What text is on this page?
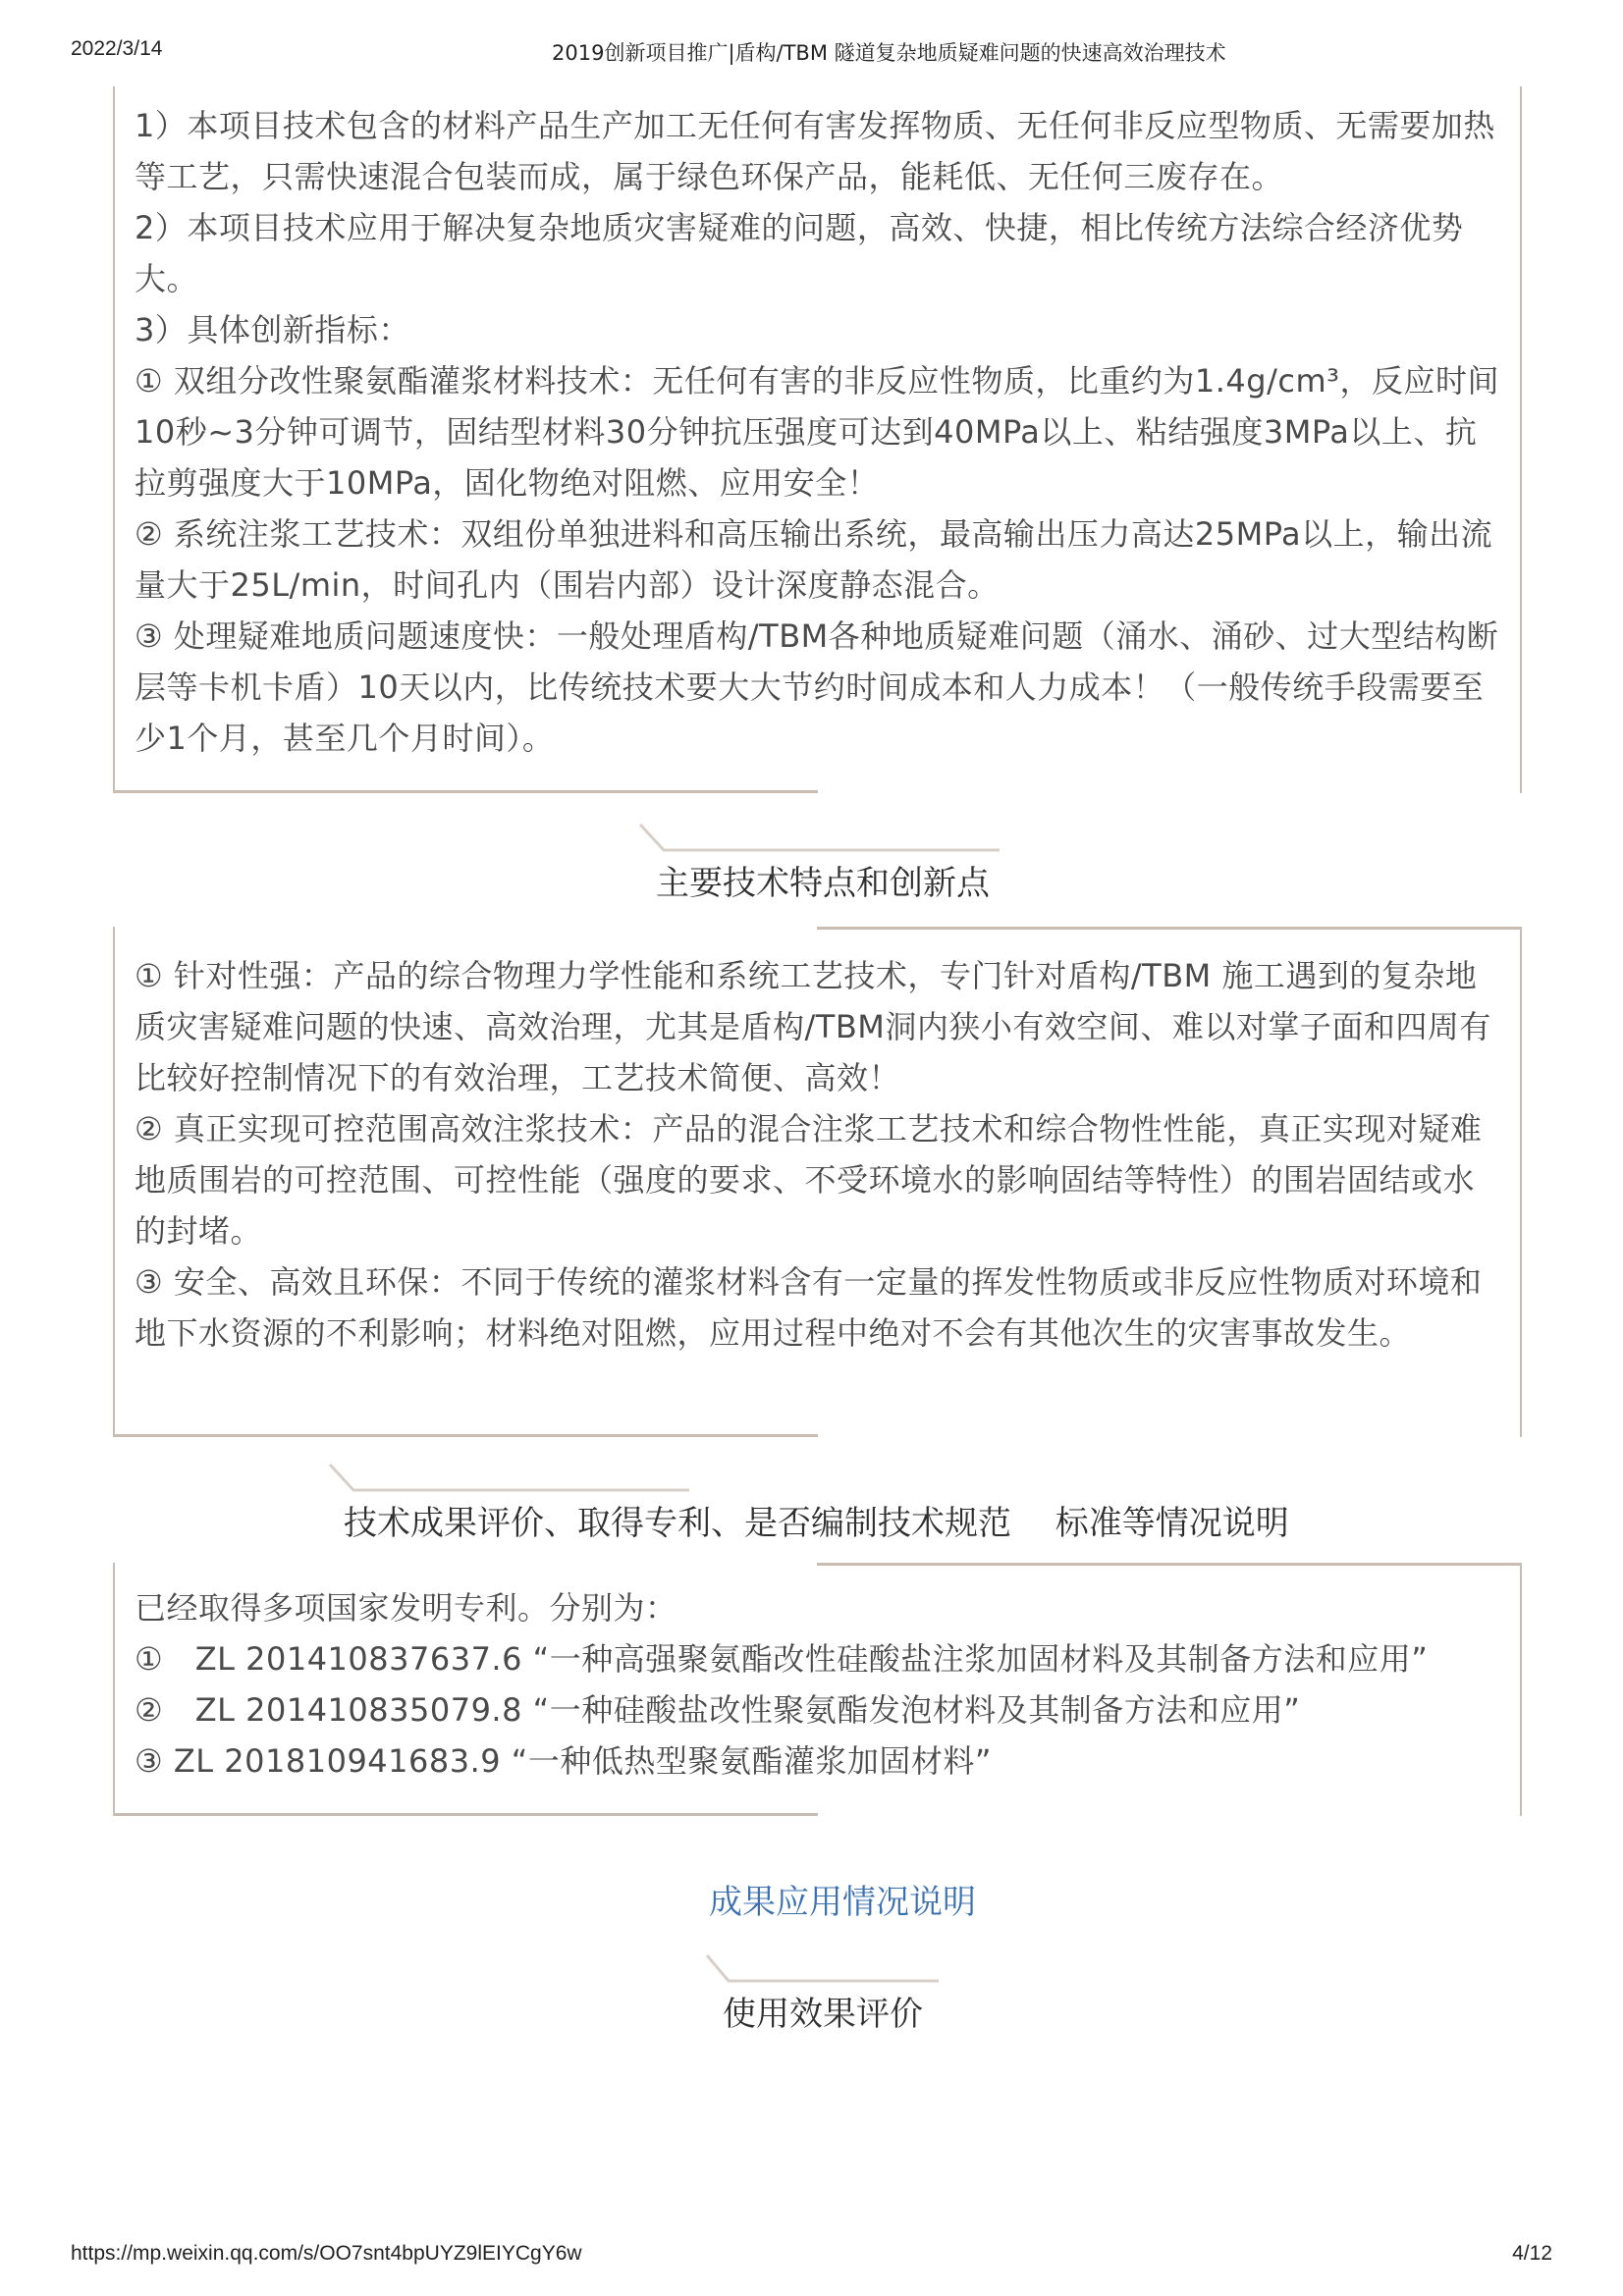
2022/3/14	2019创新项目推广|盾构/TBM 隧道复杂地质疑难问题的快速高效治理技术

1）本项目技术包含的材料产品生产加工无任何有害发挥物质、无任何非反应型物质、无需要加热等工艺，只需快速混合包装而成，属于绿色环保产品，能耗低、无任何三废存在。

2）本项目技术应用于解决复杂地质灾害疑难的问题，高效、快捷，相比传统方法综合经济优势大。

3）具体创新指标：

① 双组分改性聚氨酯灌浆材料技术：无任何有害的非反应性物质，比重约为1.4g/cm³，反应时间10秒~3分钟可调节，固结型材料30分钟抗压强度可达到40MPa以上、粘结强度3MPa以上、抗拉剪强度大于10MPa，固化物绝对阻燃、应用安全！

② 系统注浆工艺技术：双组份单独进料和高压输出系统，最高输出压力高达25MPa以上，输出流量大于25L/min，时间孔内（围岩内部）设计深度静态混合。

③ 处理疑难地质问题速度快：一般处理盾构/TBM各种地质疑难问题（涌水、涌砂、过大型结构断层等卡机卡盾）10天以内，比传统技术要大大节约时间成本和人力成本！（一般传统手段需要至少1个月，甚至几个月时间）。

主要技术特点和创新点

① 针对性强：产品的综合物理力学性能和系统工艺技术，专门针对盾构/TBM 施工遇到的复杂地质灾害疑难问题的快速、高效治理，尤其是盾构/TBM洞内狭小有效空间、难以对掌子面和四周有比较好控制情况下的有效治理，工艺技术简便、高效！

② 真正实现可控范围高效注浆技术：产品的混合注浆工艺技术和综合物性性能，真正实现对疑难地质围岩的可控范围、可控性能（强度的要求、不受环境水的影响固结等特性）的围岩固结或水的封堵。

③ 安全、高效且环保：不同于传统的灌浆材料含有一定量的挥发性物质或非反应性物质对环境和地下水资源的不利影响；材料绝对阻燃，应用过程中绝对不会有其他次生的灾害事故发生。

技术成果评价、取得专利、是否编制技术规范　 标准等情况说明

已经取得多项国家发明专利。分别为：

①　ZL 201410837637.6 “一种高强聚氨酯改性硅酸盐注浆加固材料及其制备方法和应用”

②　ZL 201410835079.8 “一种硅酸盐改性聚氨酯发泡材料及其制备方法和应用”

③ ZL 201810941683.9 “一种低热型聚氨酯灌浆加固材料”

成果应用情况说明
使用效果评价
https://mp.weixin.qq.com/s/OO7snt4bpUYZ9lEIYCgY6w	4/12
